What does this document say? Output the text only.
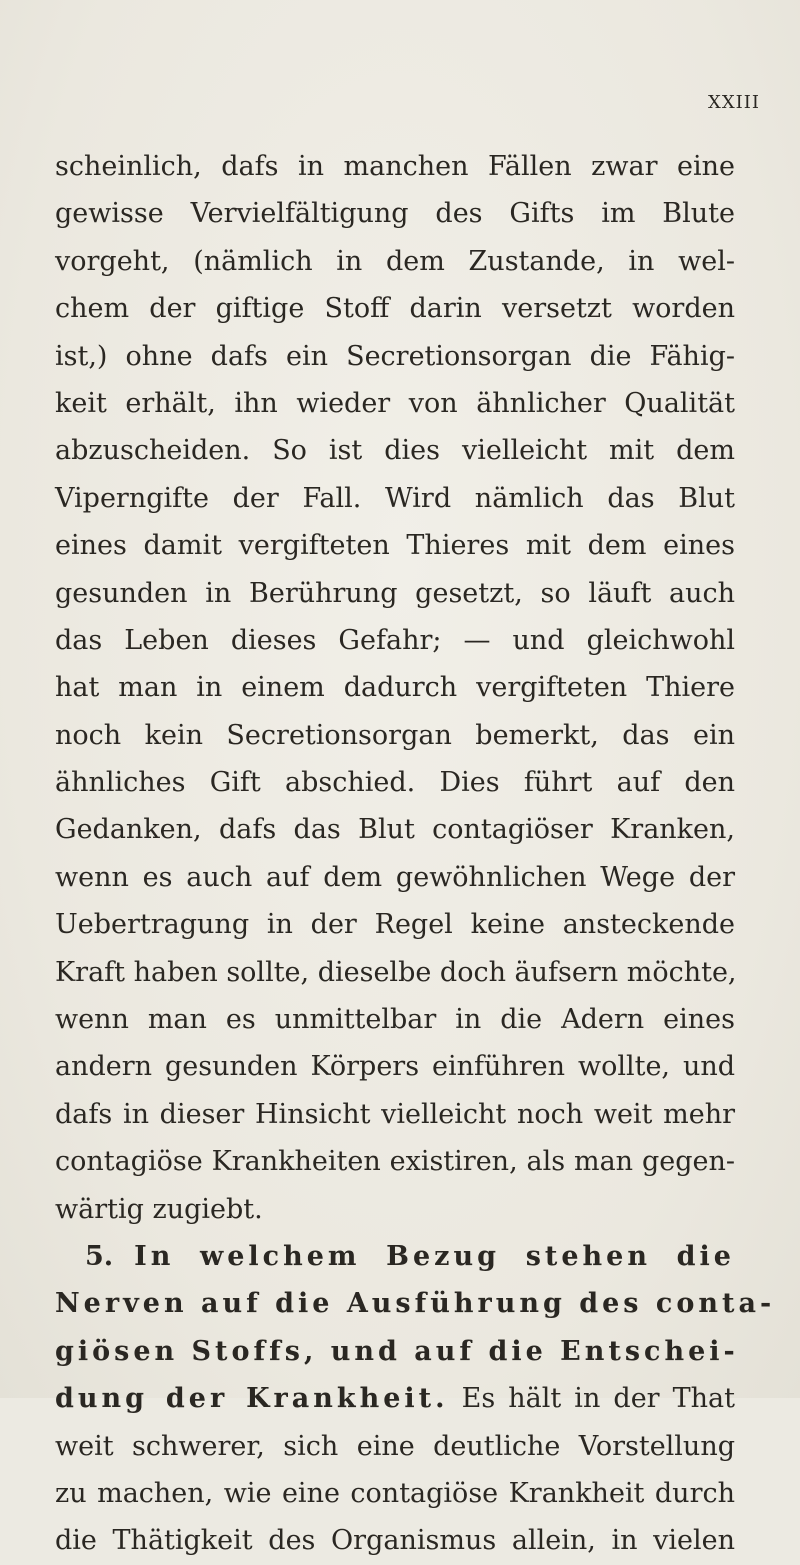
XXIII
scheinlich, dafs in manchen Fällen zwar eine
gewisse Vervielfältigung des Gifts im Blute
vorgeht, (nämlich in dem Zustande, in wel-
chem der giftige Stoff darin versetzt worden
ist,) ohne dafs ein Secretionsorgan die Fähig-
keit erhält, ihn wieder von ähnlicher Qualität
abzuscheiden. So ist dies vielleicht mit dem
Viperngifte der Fall. Wird nämlich das Blut
eines damit vergifteten Thieres mit dem eines
gesunden in Berührung gesetzt, so läuft auch
das Leben dieses Gefahr; — und gleichwohl
hat man in einem dadurch vergifteten Thiere
noch kein Secretionsorgan bemerkt, das ein
ähnliches Gift abschied. Dies führt auf den
Gedanken, dafs das Blut contagiöser Kranken,
wenn es auch auf dem gewöhnlichen Wege der
Uebertragung in der Regel keine ansteckende
Kraft haben sollte, dieselbe doch äufsern möchte,
wenn man es unmittelbar in die Adern eines
andern gesunden Körpers einführen wollte, und
dafs in dieser Hinsicht vielleicht noch weit mehr
contagiöse Krankheiten existiren, als man gegen-
wärtig zugiebt.
5. In welchem Bezug stehen die
Nerven auf die Ausführung des conta-
giösen Stoffs, und auf die Entschei-
dung der Krankheit. Es hält in der That
weit schwerer, sich eine deutliche Vorstellung
zu machen, wie eine contagiöse Krankheit durch
die Thätigkeit des Organismus allein, in vielen
